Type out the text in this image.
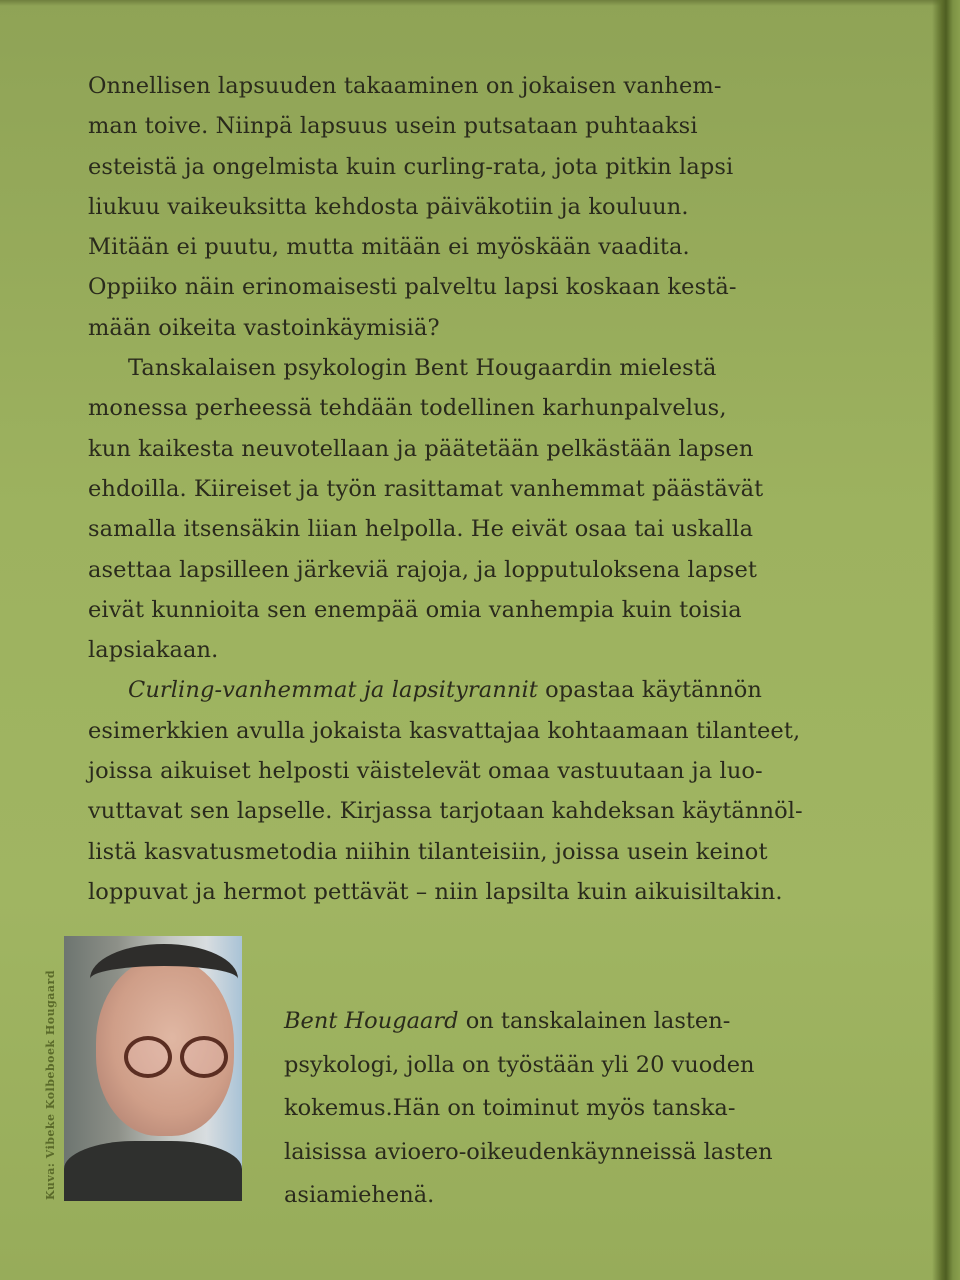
Onnellisen lapsuuden takaaminen on jokaisen vanhem-
man toive. Niinpä lapsuus usein putsataan puhtaaksi
esteistä ja ongelmista kuin curling-rata, jota pitkin lapsi
liukuu vaikeuksitta kehdosta päiväkotiin ja kouluun.
Mitään ei puutu, mutta mitään ei myöskään vaadita.
Oppiiko näin erinomaisesti palveltu lapsi koskaan kestä-
mään oikeita vastoinkäymisiä?

Tanskalaisen psykologin Bent Hougaardin mielestä
monessa perheessä tehdään todellinen karhunpalvelus,
kun kaikesta neuvotellaan ja päätetään pelkästään lapsen
ehdoilla. Kiireiset ja työn rasittamat vanhemmat päästävät
samalla itsensäkin liian helpolla. He eivät osaa tai uskalla
asettaa lapsilleen järkeviä rajoja, ja lopputuloksena lapset
eivät kunnioita sen enempää omia vanhempia kuin toisia
lapsiakaan.

Curling-vanhemmat ja lapsityrannit opastaa käytännön
esimerkkien avulla jokaista kasvattajaa kohtaamaan tilanteet,
joissa aikuiset helposti väistelevät omaa vastuutaan ja luo-
vuttavat sen lapselle. Kirjassa tarjotaan kahdeksan käytännöl-
listä kasvatusmetodia niihin tilanteisiin, joissa usein keinot
loppuvat ja hermot pettävät – niin lapsilta kuin aikuisiltakin.

Kuva: Vibeke Kolbeboek Hougaard	Bent Hougaard on tanskalainen lasten-
psykologi, jolla on työstään yli 20 vuoden
kokemus.Hän on toiminut myös tanska-
laisissa avioero-oikeudenkäynneissä lasten
asiamiehenä.
